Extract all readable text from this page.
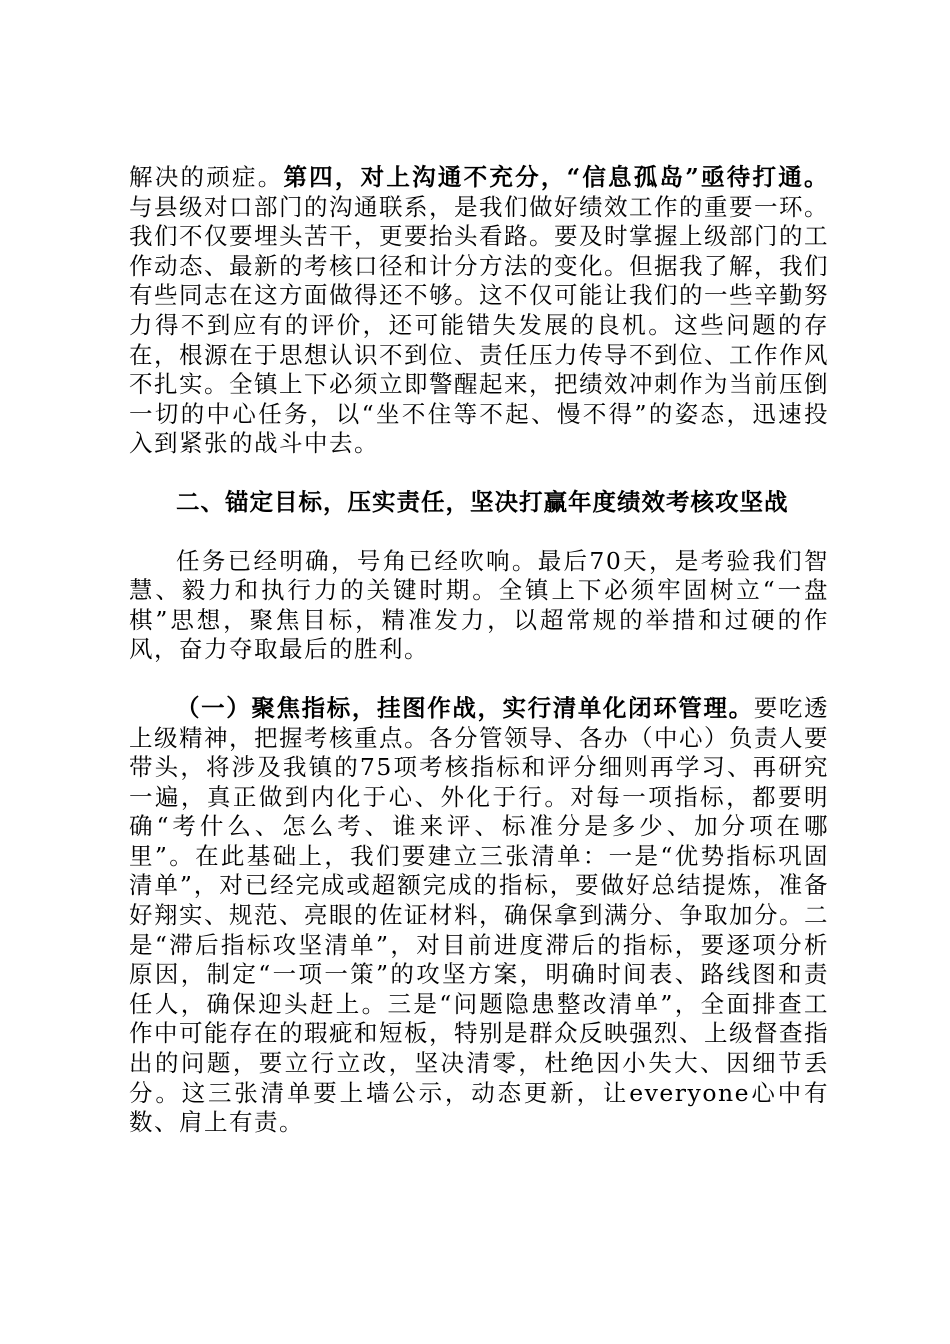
解决的顽症。第四，对上沟通不充分，“信息孤岛”亟待打通。与县级对口部门的沟通联系，是我们做好绩效工作的重要一环。我们不仅要埋头苦干，更要抬头看路。要及时掌握上级部门的工作动态、最新的考核口径和计分方法的变化。但据我了解，我们有些同志在这方面做得还不够。这不仅可能让我们的一些辛勤努力得不到应有的评价，还可能错失发展的良机。这些问题的存在，根源在于思想认识不到位、责任压力传导不到位、工作作风不扎实。全镇上下必须立即警醒起来，把绩效冲刺作为当前压倒一切的中心任务，以“坐不住等不起、慢不得”的姿态，迅速投入到紧张的战斗中去。

二、锚定目标，压实责任，坚决打赢年度绩效考核攻坚战

任务已经明确，号角已经吹响。最后70天，是考验我们智慧、毅力和执行力的关键时期。全镇上下必须牢固树立“一盘棋”思想，聚焦目标，精准发力，以超常规的举措和过硬的作风，奋力夺取最后的胜利。

（一）聚焦指标，挂图作战，实行清单化闭环管理。要吃透上级精神，把握考核重点。各分管领导、各办（中心）负责人要带头，将涉及我镇的75项考核指标和评分细则再学习、再研究一遍，真正做到内化于心、外化于行。对每一项指标，都要明确“考什么、怎么考、谁来评、标准分是多少、加分项在哪里”。在此基础上，我们要建立三张清单：一是“优势指标巩固清单”，对已经完成或超额完成的指标，要做好总结提炼，准备好翔实、规范、亮眼的佐证材料，确保拿到满分、争取加分。二是“滞后指标攻坚清单”，对目前进度滞后的指标，要逐项分析原因，制定“一项一策”的攻坚方案，明确时间表、路线图和责任人，确保迎头赶上。三是“问题隐患整改清单”，全面排查工作中可能存在的瑕疵和短板，特别是群众反映强烈、上级督查指出的问题，要立行立改，坚决清零，杜绝因小失大、因细节丢分。这三张清单要上墙公示，动态更新，让everyone心中有数、肩上有责。
